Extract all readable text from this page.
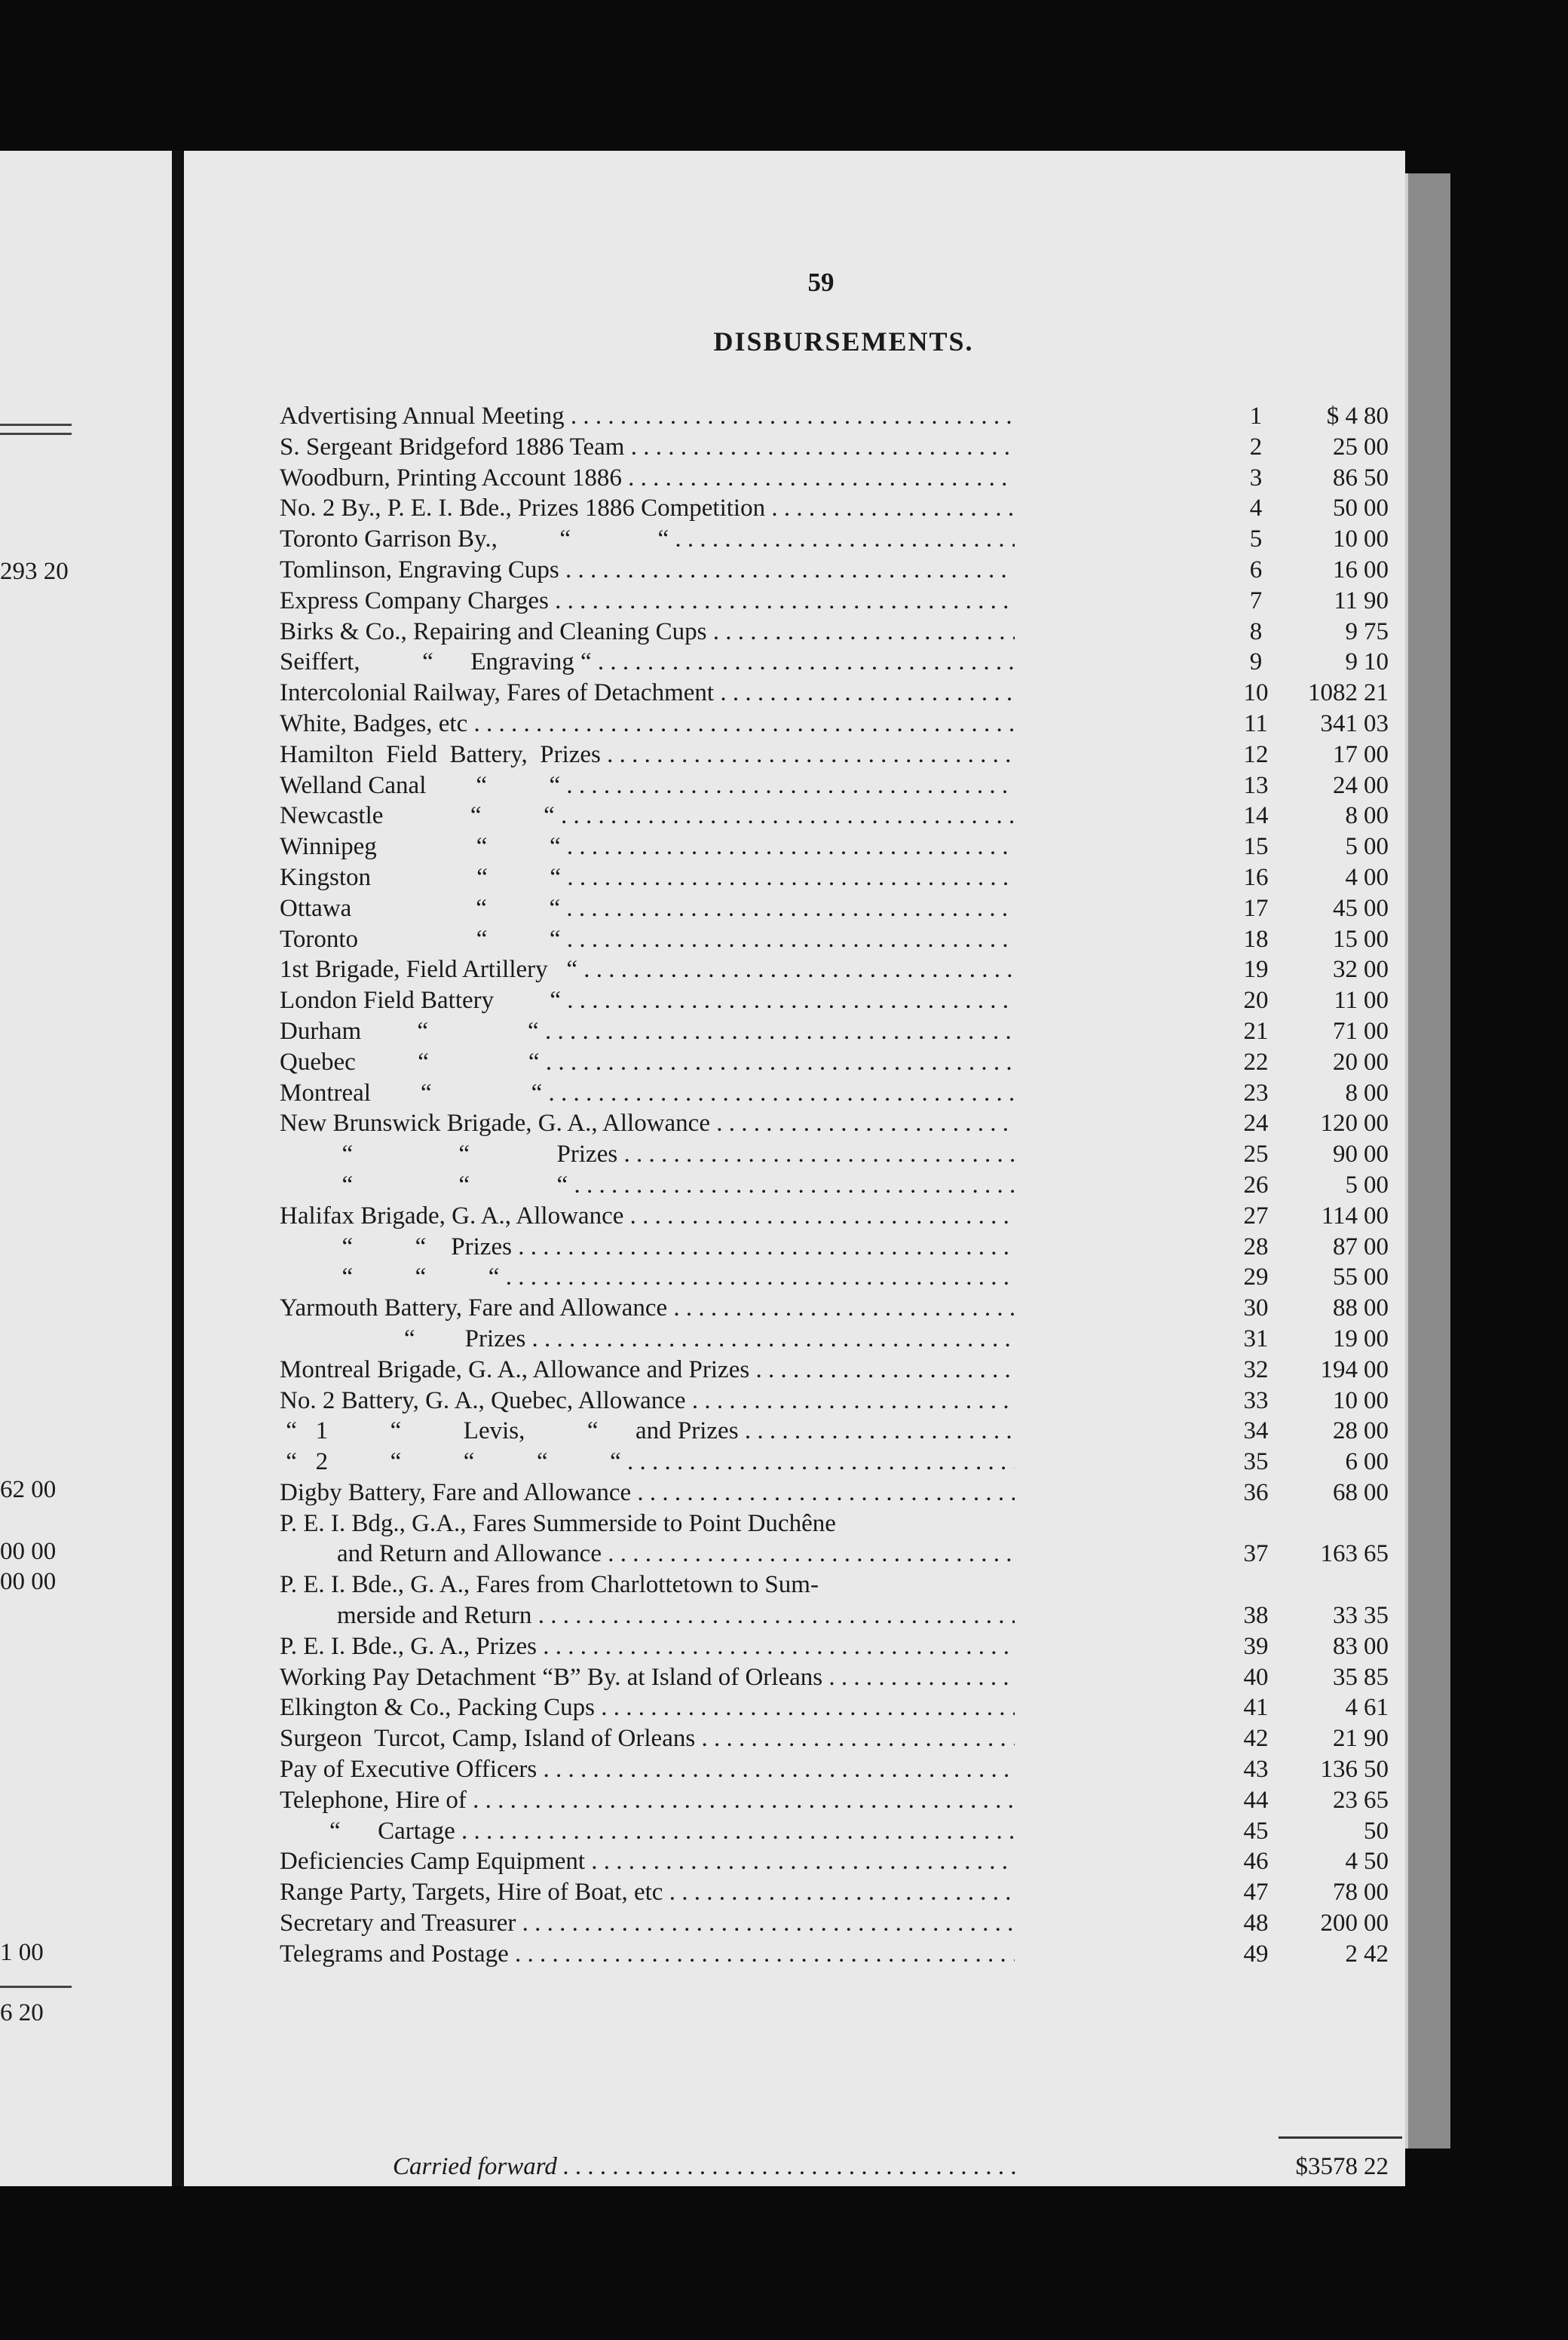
293 20
62 00
00 00
00 00
1 00
6 20
59
DISBURSEMENTS.
Advertising Annual Meeting . . .	1	$ 4 80
S. Sergeant Bridgeford 1886 Team . . .	2	25 00
Woodburn, Printing Account 1886 . . .	3	86 50
No. 2 By., P. E. I. Bde., Prizes 1886 Competition . . .	4	50 00
Toronto Garrison By.,          “              “ . . .	5	10 00
Tomlinson, Engraving Cups . . .	6	16 00
Express Company Charges . . .	7	11 90
Birks & Co., Repairing and Cleaning Cups . . .	8	9 75
Seiffert,          “      Engraving “ . . .	9	9 10
Intercolonial Railway, Fares of Detachment . . .	10	1082 21
White, Badges, etc . . .	11	341 03
Hamilton  Field  Battery,  Prizes . . .	12	17 00
Welland Canal        “          “ . . .	13	24 00
Newcastle              “          “ . . .	14	8 00
Winnipeg                “          “ . . .	15	5 00
Kingston                 “          “ . . .	16	4 00
Ottawa                    “          “ . . .	17	45 00
Toronto                   “          “ . . .	18	15 00
1st Brigade, Field Artillery   “ . . .	19	32 00
London Field Battery         “ . . .	20	11 00
Durham         “                “ . . .	21	71 00
Quebec          “                “ . . .	22	20 00
Montreal        “                “ . . .	23	8 00
New Brunswick Brigade, G. A., Allowance . . .	24	120 00
“                 “              Prizes . . .	25	90 00
“                 “              “ . . .	26	5 00
Halifax Brigade, G. A., Allowance . . .	27	114 00
“          “    Prizes . . .	28	87 00
“          “          “ . . .	29	55 00
Yarmouth Battery, Fare and Allowance . . .	30	88 00
“        Prizes . . .	31	19 00
Montreal Brigade, G. A., Allowance and Prizes . . .	32	194 00
No. 2 Battery, G. A., Quebec, Allowance . . .	33	10 00
“   1          “          Levis,          “      and Prizes . . .	34	28 00
“   2          “          “          “          “ . . .	35	6 00
Digby Battery, Fare and Allowance . . .	36	68 00
P. E. I. Bdg., G.A., Fares Summerside to Point Duchêne
and Return and Allowance . . .	37	163 65
P. E. I. Bde., G. A., Fares from Charlottetown to Sum-
merside and Return . . .	38	33 35
P. E. I. Bde., G. A., Prizes . . .	39	83 00
Working Pay Detachment “B” By. at Island of Orleans . . .	40	35 85
Elkington & Co., Packing Cups . . .	41	4 61
Surgeon  Turcot, Camp, Island of Orleans . . .	42	21 90
Pay of Executive Officers . . .	43	136 50
Telephone, Hire of . . .	44	23 65
“      Cartage . . .	45	50
Deficiencies Camp Equipment . . .	46	4 50
Range Party, Targets, Hire of Boat, etc . . .	47	78 00
Secretary and Treasurer . . .	48	200 00
Telegrams and Postage . . .	49	2 42
Carried forward . . .	$3578 22
